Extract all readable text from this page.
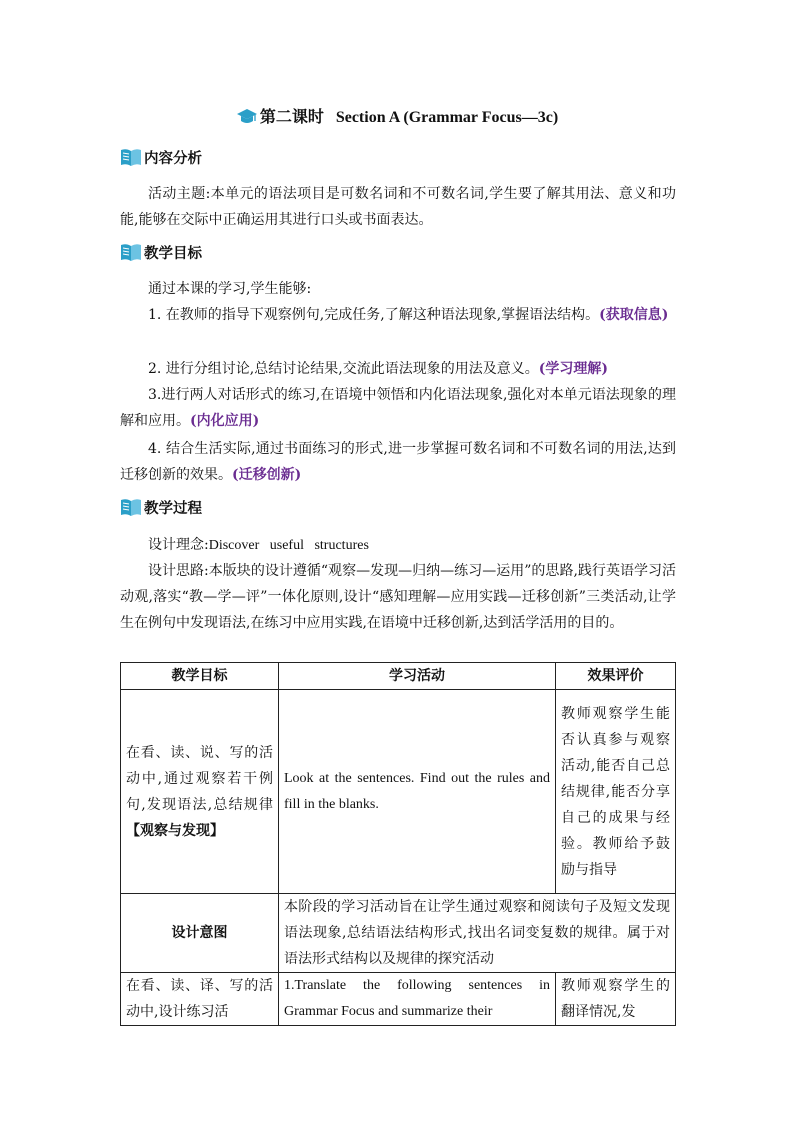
第二课时 Section A (Grammar Focus—3c)
内容分析
活动主题:本单元的语法项目是可数名词和不可数名词,学生要了解其用法、意义和功能,能够在交际中正确运用其进行口头或书面表达。
教学目标
通过本课的学习,学生能够:
1. 在教师的指导下观察例句,完成任务,了解这种语法现象,掌握语法结构。(获取信息)
2. 进行分组讨论,总结讨论结果,交流此语法现象的用法及意义。(学习理解)
3.进行两人对话形式的练习,在语境中领悟和内化语法现象,强化对本单元语法现象的理解和应用。(内化应用)
4. 结合生活实际,通过书面练习的形式,进一步掌握可数名词和不可数名词的用法,达到迁移创新的效果。(迁移创新)
教学过程
设计理念:Discover   useful   structures
设计思路:本版块的设计遵循“观察—发现—归纳—练习—运用”的思路,践行英语学习活动观,落实“教—学—评”一体化原则,设计“感知理解—应用实践—迁移创新”三类活动,让学生在例句中发现语法,在练习中应用实践,在语境中迁移创新,达到活学活用的目的。
教学目标	学习活动	效果评价
在看、读、说、写的活动中,通过观察若干例句,发现语法,总结规律【观察与发现】	Look at the sentences. Find out the rules and fill in the blanks.	教师观察学生能否认真参与观察活动,能否自己总结规律,能否分享自己的成果与经验。教师给予鼓励与指导
设计意图	本阶段的学习活动旨在让学生通过观察和阅读句子及短文发现语法现象,总结语法结构形式,找出名词变复数的规律。属于对语法形式结构以及规律的探究活动	
在看、读、译、写的活动中,设计练习活	1.Translate the following sentences in Grammar Focus and summarize their	教师观察学生的翻译情况,发
